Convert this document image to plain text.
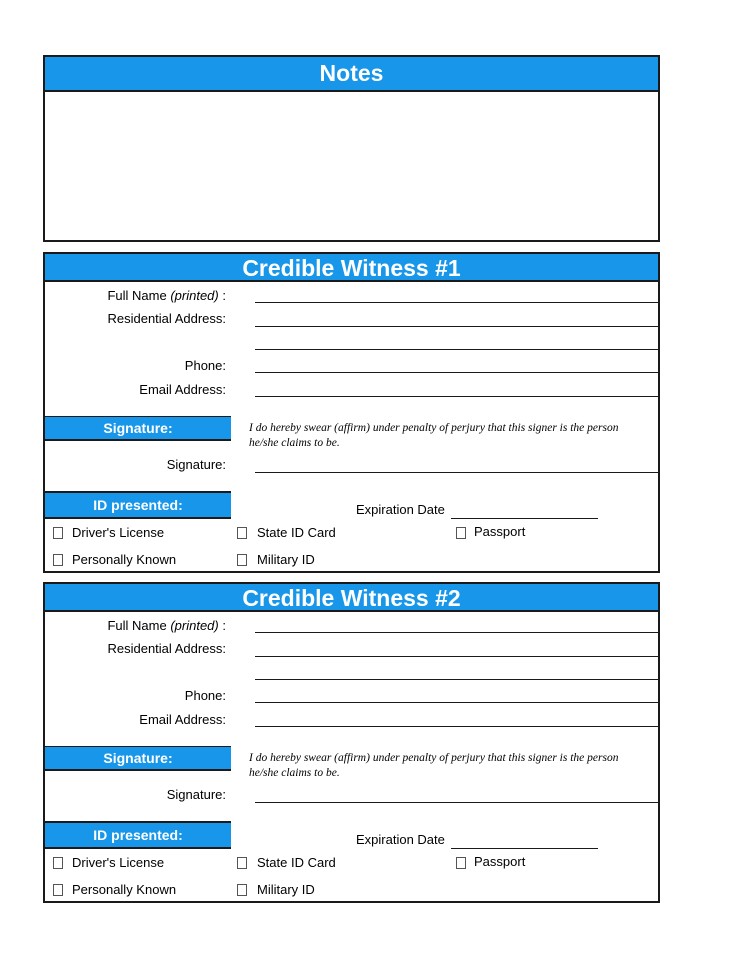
Notes
Credible Witness #1
Full Name (printed) :
Residential Address:
Phone:
Email Address:
Signature:	I do hereby swear (affirm) under penalty of perjury that this signer is the person he/she claims to be.
Signature:
ID presented:	Expiration Date
Driver's License	State ID Card	Passport
Personally Known	Military ID
Credible Witness #2
Full Name (printed) :
Residential Address:
Phone:
Email Address:
Signature:	I do hereby swear (affirm) under penalty of perjury that this signer is the person he/she claims to be.
Signature:
ID presented:	Expiration Date
Driver's License	State ID Card	Passport
Personally Known	Military ID
